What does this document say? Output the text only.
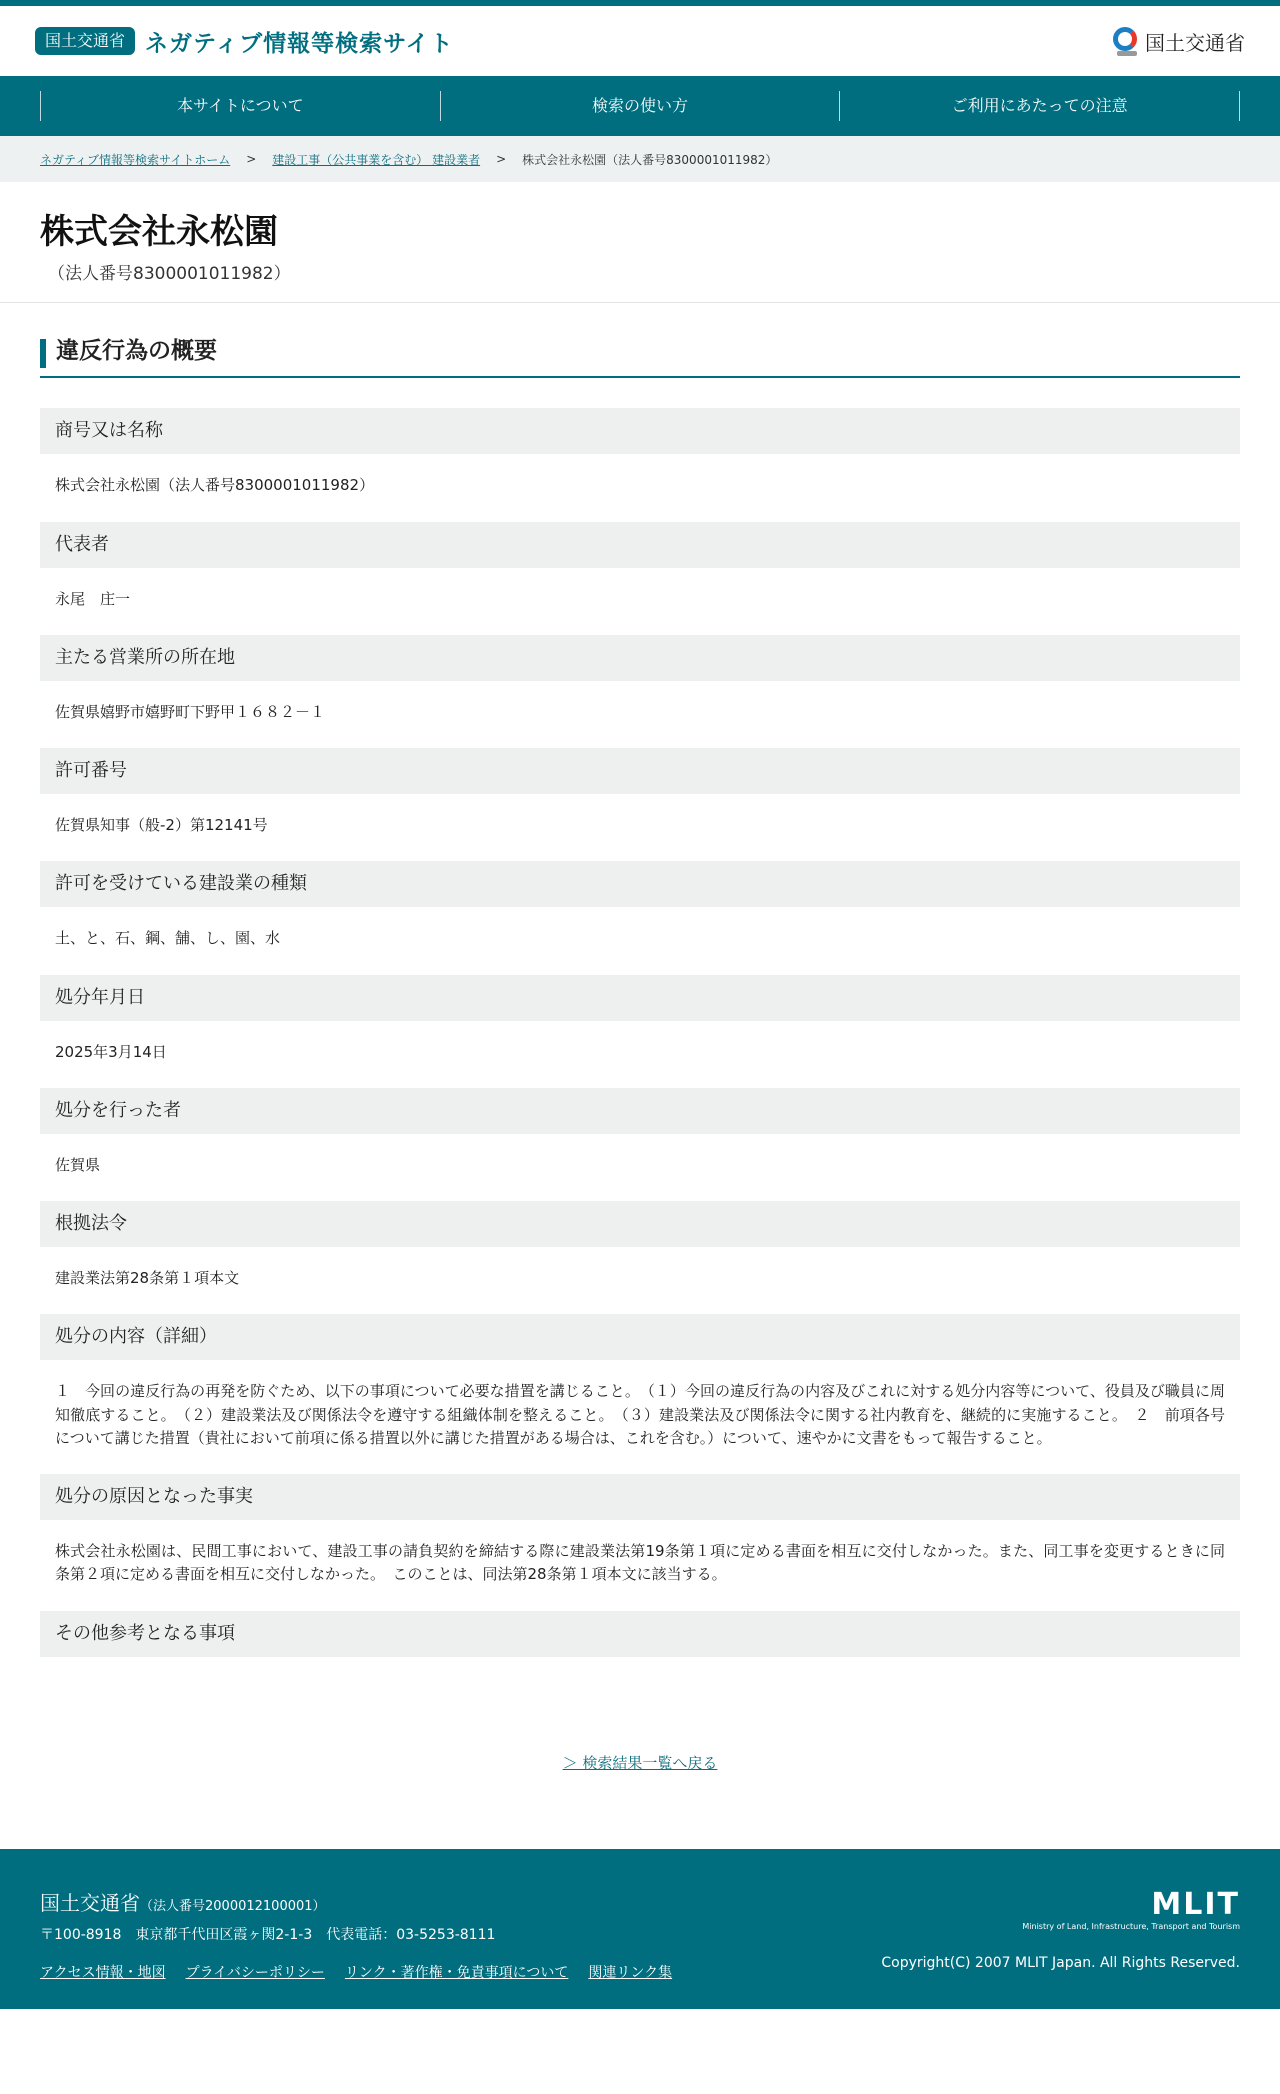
国土交通省 ネガティブ情報等検索サイト	国土交通省
本サイトについて	検索の使い方	ご利用にあたっての注意
ネガティブ情報等検索サイトホーム > 建設工事（公共事業を含む） 建設業者 > 株式会社永松園（法人番号8300001011982）
株式会社永松園
（法人番号8300001011982）
違反行為の概要
商号又は名称
株式会社永松園（法人番号8300001011982）
代表者
永尾　庄一
主たる営業所の所在地
佐賀県嬉野市嬉野町下野甲１６８２－１
許可番号
佐賀県知事（般-2）第12141号
許可を受けている建設業の種類
土、と、石、鋼、舗、し、園、水
処分年月日
2025年3月14日
処分を行った者
佐賀県
根拠法令
建設業法第28条第１項本文
処分の内容（詳細）
１　今回の違反行為の再発を防ぐため、以下の事項について必要な措置を講じること。　（１）今回の違反行為の内容及びこれに対する処分内容等について、役員及び職員に周知徹底すること。　（２）建設業法及び関係法令を遵守する組織体制を整えること。　（３）建設業法及び関係法令に関する社内教育を、継続的に実施すること。　２　前項各号について講じた措置（貴社において前項に係る措置以外に講じた措置がある場合は、これを含む。）について、速やかに文書をもって報告すること。
処分の原因となった事実
株式会社永松園は、民間工事において、建設工事の請負契約を締結する際に建設業法第19条第１項に定める書面を相互に交付しなかった。また、同工事を変更するときに同条第２項に定める書面を相互に交付しなかった。　このことは、同法第28条第１項本文に該当する。
その他参考となる事項
＞ 検索結果一覧へ戻る
国土交通省（法人番号2000012100001）
〒100-8918　東京都千代田区霞ヶ関2-1-3　代表電話：03-5253-8111
アクセス情報・地図 プライバシーポリシー リンク・著作権・免責事項について 関連リンク集
MLIT
Ministry of Land, Infrastructure, Transport and Tourism
Copyright(C) 2007 MLIT Japan. All Rights Reserved.
